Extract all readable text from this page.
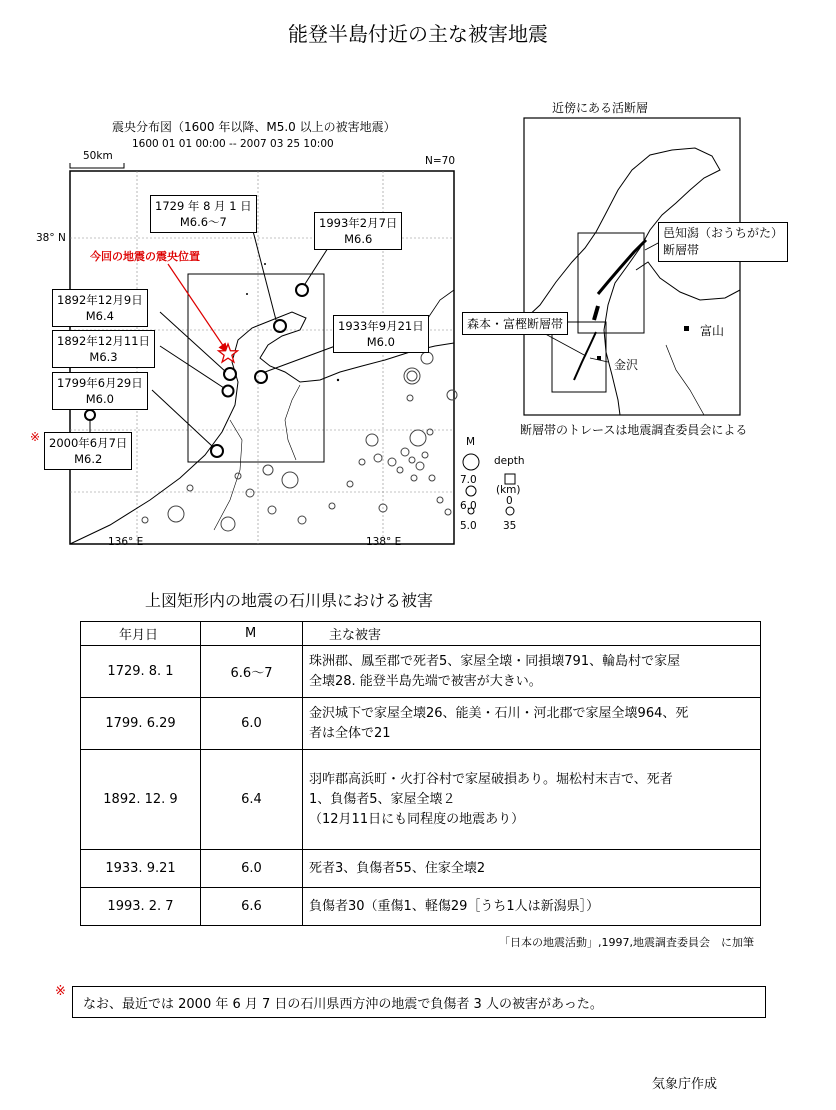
能登半島付近の主な被害地震
震央分布図（1600 年以降、M5.0 以上の被害地震）
1600 01 01 00:00 -- 2007 03 25 10:00
50km	N=70
38° N
136° E	138° E
1729 年 8 月 1 日
M6.6～7	1993年2月7日
M6.6
今回の地震の震央位置
1892年12月9日
M6.4
1892年12月11日
M6.3
1933年9月21日
M6.0
1799年6月29日
M6.0
2000年6月7日
M6.2
※	M
7.0
6.0
5.0
depth
(km)
0
35
近傍にある活断層
邑知潟（おうちがた）
断層帯
森本・富樫断層帯	富山
金沢
断層帯のトレースは地震調査委員会による
上図矩形内の地震の石川県における被害
年月日	M	主な被害
1729. 8. 1	6.6～7	珠洲郡、鳳至郡で死者5、家屋全壊・同損壊791、輪島村で家屋
全壊28. 能登半島先端で被害が大きい。

1799. 6.29	6.0	金沢城下で家屋全壊26、能美・石川・河北郡で家屋全壊964、死
者は全体で21

1892. 12. 9	6.4	羽咋郡高浜町・火打谷村で家屋破損あり。堀松村末吉で、死者
1、負傷者5、家屋全壊２
（12月11日にも同程度の地震あり）

1933. 9.21	6.0	死者3、負傷者55、住家全壊2

1993. 2. 7	6.6	負傷者30（重傷1、軽傷29［うち1人は新潟県］）
「日本の地震活動」,1997,地震調査委員会　に加筆
※
なお、最近では 2000 年 6 月 7 日の石川県西方沖の地震で負傷者 3 人の被害があった。
気象庁作成
